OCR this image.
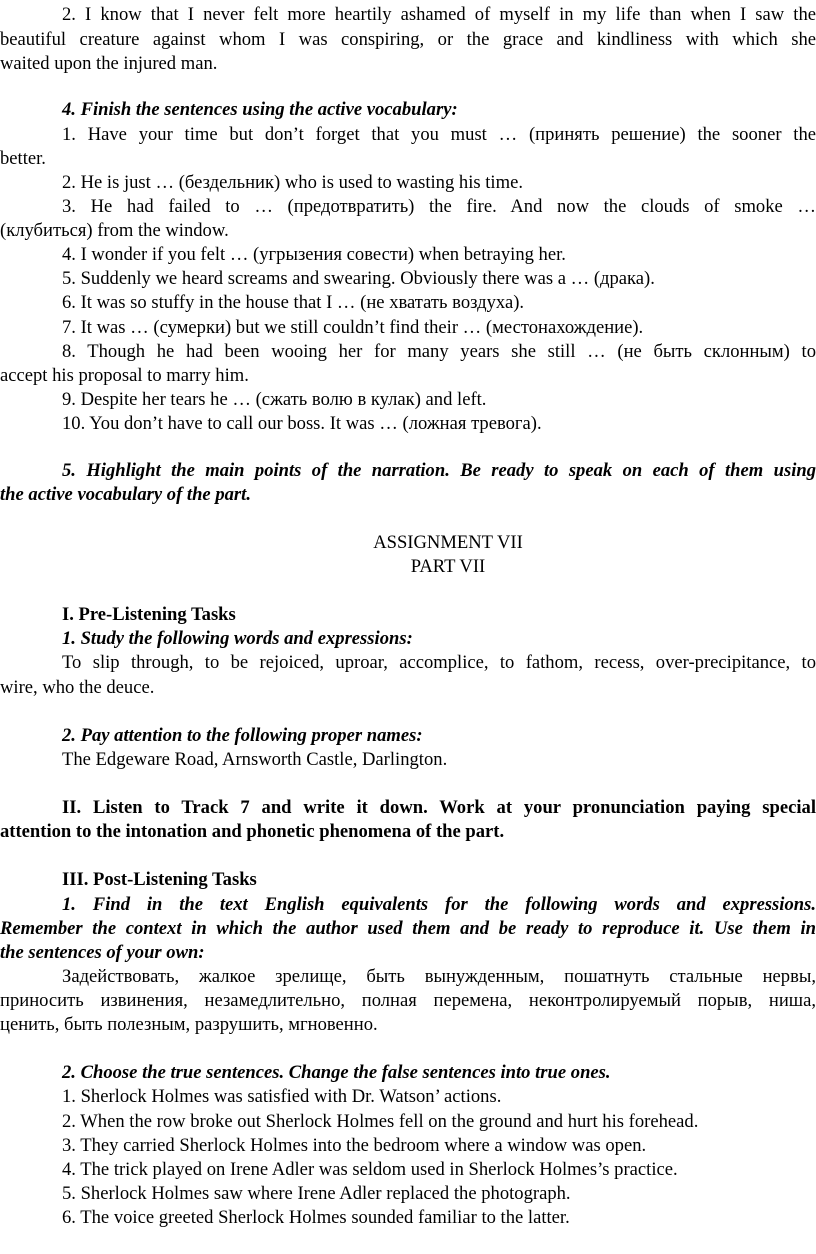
2. I know that I never felt more heartily ashamed of myself in my life than when I saw the
beautiful creature against whom I was conspiring, or the grace and kindliness with which she
waited upon the injured man.
4. Finish the sentences using the active vocabulary:
1. Have your time but don’t forget that you must … (принять решение) the sooner the
better.
2. He is just … (бездельник) who is used to wasting his time.
3. He had failed to … (предотвратить) the fire. And now the clouds of smoke …
(клубиться) from the window.
4. I wonder if you felt … (угрызения совести) when betraying her.
5. Suddenly we heard screams and swearing. Obviously there was a … (драка).
6. It was so stuffy in the house that I … (не хватать воздуха).
7. It was … (сумерки) but we still couldn’t find their … (местонахождение).
8. Though he had been wooing her for many years she still … (не быть склонным) to
accept his proposal to marry him.
9. Despite her tears he … (сжать волю в кулак) and left.
10. You don’t have to call our boss. It was … (ложная тревога).
5. Highlight the main points of the narration. Be ready to speak on each of them using
the active vocabulary of the part.
ASSIGNMENT VII
PART VII
I. Pre-Listening Tasks
1. Study the following words and expressions:
To slip through, to be rejoiced, uproar, accomplice, to fathom, recess, over-precipitance, to
wire, who the deuce.
2. Pay attention to the following proper names:
The Edgeware Road, Arnsworth Castle, Darlington.
II. Listen to Track 7 and write it down. Work at your pronunciation paying special
attention to the intonation and phonetic phenomena of the part.
III. Post-Listening Tasks
1. Find in the text English equivalents for the following words and expressions.
Remember the context in which the author used them and be ready to reproduce it. Use them in
the sentences of your own:
Задействовать, жалкое зрелище, быть вынужденным, пошатнуть стальные нервы,
приносить извинения, незамедлительно, полная перемена, неконтролируемый порыв, ниша,
ценить, быть полезным, разрушить, мгновенно.
2. Choose the true sentences. Change the false sentences into true ones.
1. Sherlock Holmes was satisfied with Dr. Watson’ actions.
2. When the row broke out Sherlock Holmes fell on the ground and hurt his forehead.
3. They carried Sherlock Holmes into the bedroom where a window was open.
4. The trick played on Irene Adler was seldom used in Sherlock Holmes’s practice.
5. Sherlock Holmes saw where Irene Adler replaced the photograph.
6. The voice greeted Sherlock Holmes sounded familiar to the latter.
